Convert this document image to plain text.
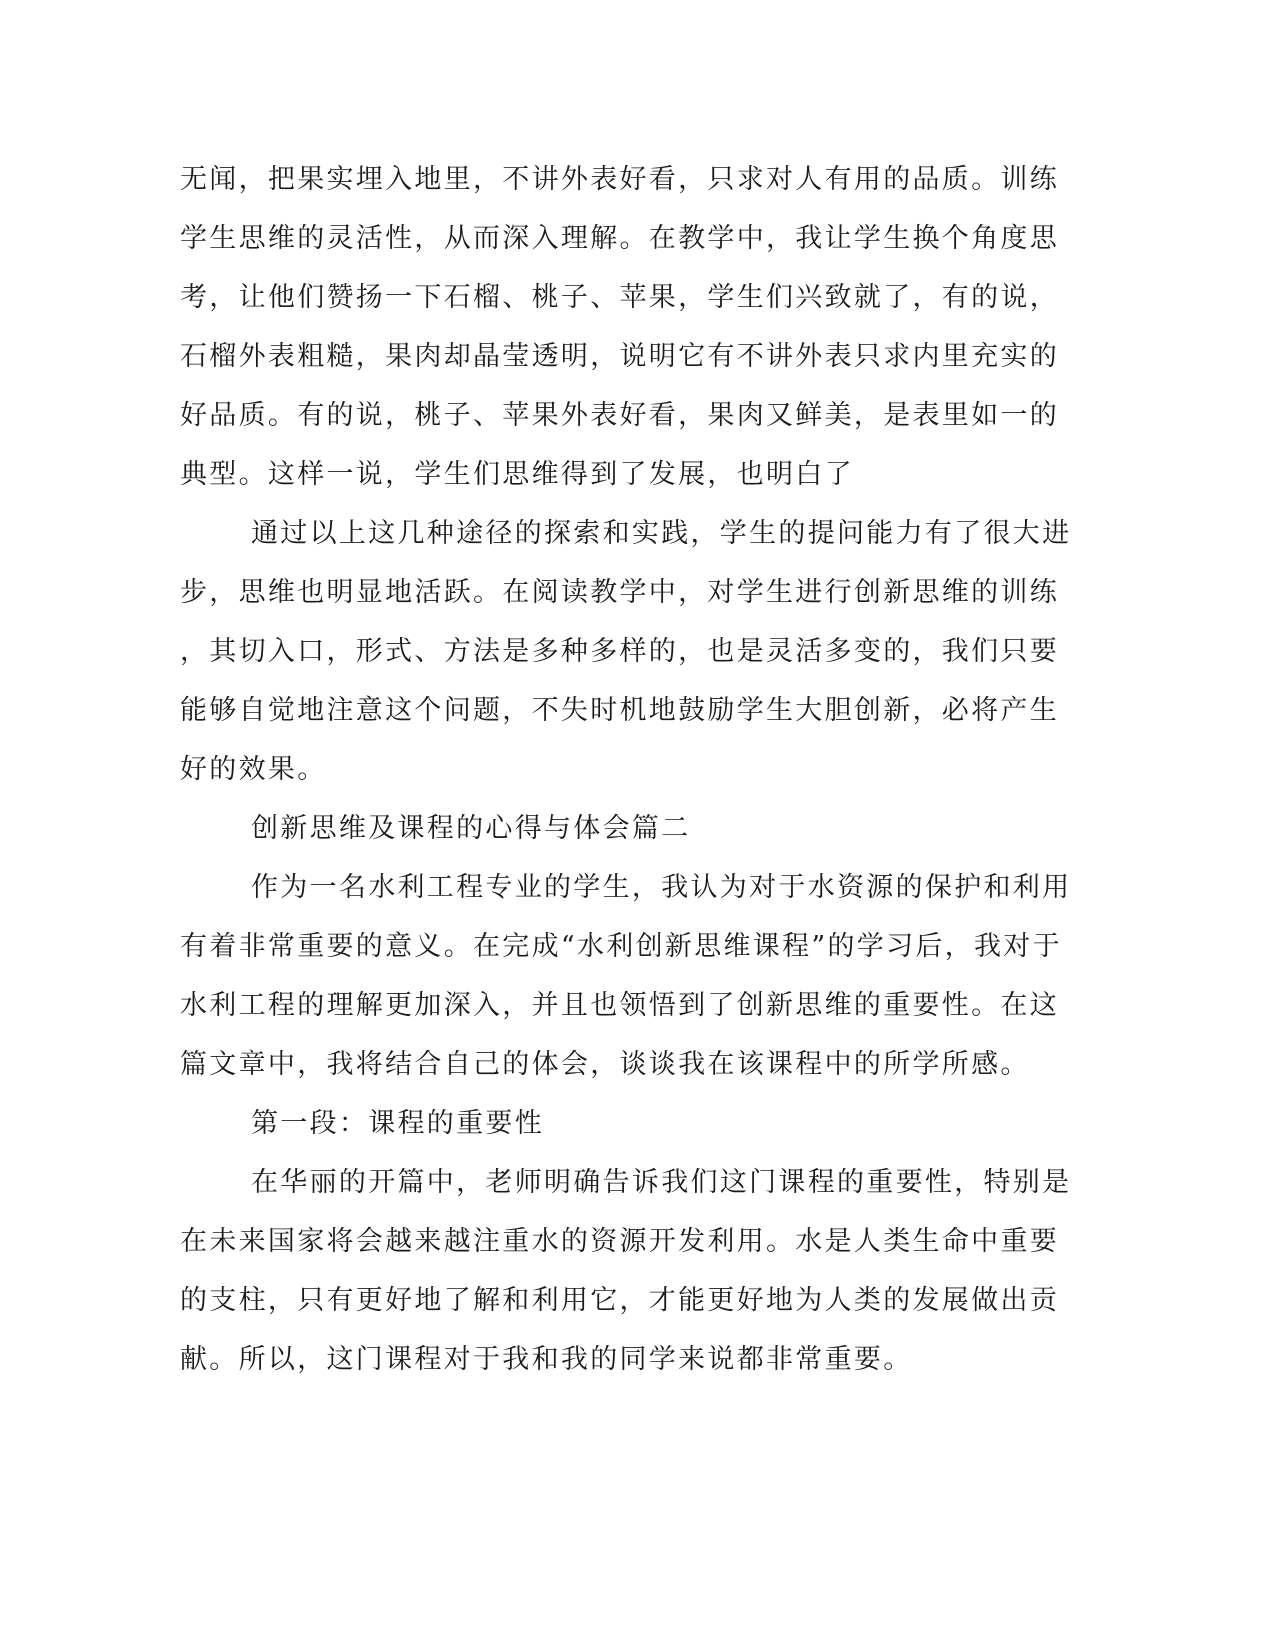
无闻，把果实埋入地里，不讲外表好看，只求对人有用的品质。训练

学生思维的灵活性，从而深入理解。在教学中，我让学生换个角度思

考，让他们赞扬一下石榴、桃子、苹果，学生们兴致就了，有的说，

石榴外表粗糙，果肉却晶莹透明，说明它有不讲外表只求内里充实的

好品质。有的说，桃子、苹果外表好看，果肉又鲜美，是表里如一的

典型。这样一说，学生们思维得到了发展，也明白了

通过以上这几种途径的探索和实践，学生的提问能力有了很大进

步，思维也明显地活跃。在阅读教学中，对学生进行创新思维的训练

，其切入口，形式、方法是多种多样的，也是灵活多变的，我们只要

能够自觉地注意这个问题，不失时机地鼓励学生大胆创新，必将产生

好的效果。

创新思维及课程的心得与体会篇二

作为一名水利工程专业的学生，我认为对于水资源的保护和利用

有着非常重要的意义。在完成“水利创新思维课程”的学习后，我对于

水利工程的理解更加深入，并且也领悟到了创新思维的重要性。在这

篇文章中，我将结合自己的体会，谈谈我在该课程中的所学所感。

第一段：课程的重要性

在华丽的开篇中，老师明确告诉我们这门课程的重要性，特别是

在未来国家将会越来越注重水的资源开发利用。水是人类生命中重要

的支柱，只有更好地了解和利用它，才能更好地为人类的发展做出贡

献。所以，这门课程对于我和我的同学来说都非常重要。
